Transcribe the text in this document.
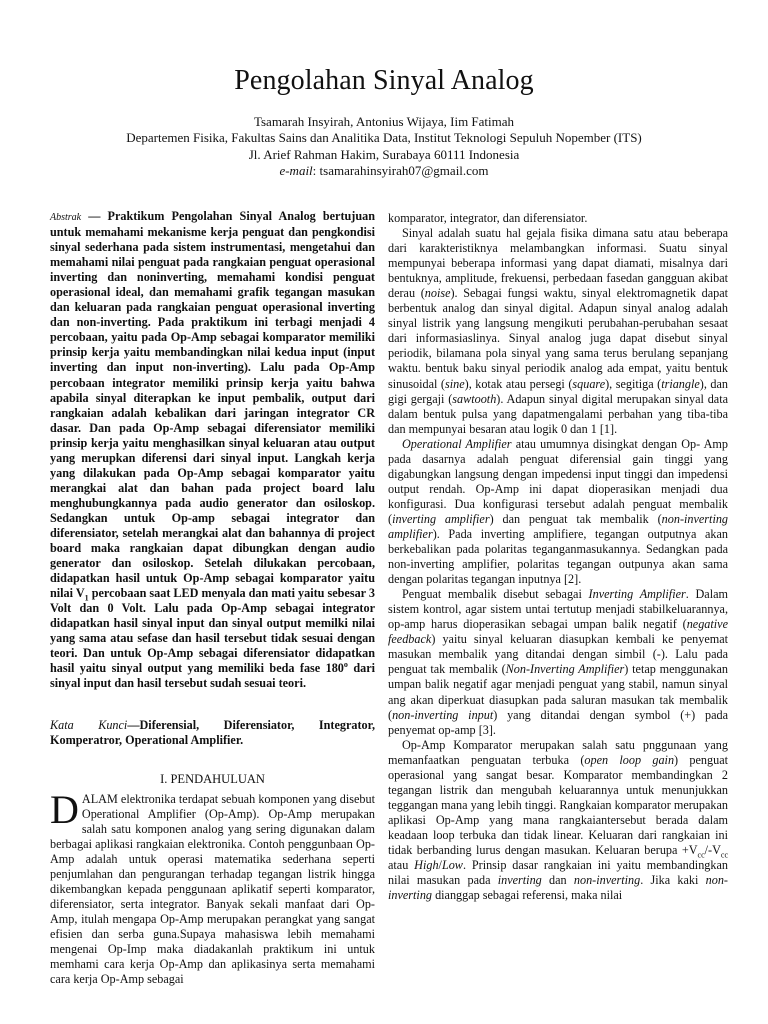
Pengolahan Sinyal Analog
Tsamarah Insyirah, Antonius Wijaya, Iim Fatimah
Departemen Fisika, Fakultas Sains dan Analitika Data, Institut Teknologi Sepuluh Nopember (ITS)
Jl. Arief Rahman Hakim, Surabaya 60111 Indonesia
e-mail: tsamarahinsyirah07@gmail.com

Abstrak — Praktikum Pengolahan Sinyal Analog bertujuan untuk memahami mekanisme kerja penguat dan pengkondisi sinyal sederhana pada sistem instrumentasi, mengetahui dan memahami nilai penguat pada rangkaian penguat operasional inverting dan noninverting, memahami kondisi penguat operasional ideal, dan memahami grafik tegangan masukan dan keluaran pada rangkaian penguat operasional inverting dan non-inverting. Pada praktikum ini terbagi menjadi 4 percobaan, yaitu pada Op-Amp sebagai komparator memiliki prinsip kerja yaitu membandingkan nilai kedua input (input inverting dan input non-inverting). Lalu pada Op-Amp percobaan integrator memiliki prinsip kerja yaitu bahwa apabila sinyal diterapkan ke input pembalik, output dari rangkaian adalah kebalikan dari jaringan integrator CR dasar. Dan pada Op-Amp sebagai diferensiator memiliki prinsip kerja yaitu menghasilkan sinyal keluaran atau output yang merupkan diferensi dari sinyal input. Langkah kerja yang dilakukan pada Op-Amp sebagai komparator yaitu merangkai alat dan bahan pada project board lalu menghubungkannya pada audio generator dan osiloskop. Sedangkan untuk Op-amp sebagai integrator dan diferensiator, setelah merangkai alat dan bahannya di project board maka rangkaian dapat dibungkan dengan audio generator dan osiloskop. Setelah dilukakan percobaan, didapatkan hasil untuk Op-Amp sebagai komparator yaitu nilai $V_1$ percobaan saat LED menyala dan mati yaitu sebesar 3 Volt dan 0 Volt. Lalu pada Op-Amp sebagai integrator didapatkan hasil sinyal input dan sinyal output memilki nilai yang sama atau sefase dan hasil tersebut tidak sesuai dengan teori. Dan untuk Op-Amp sebagai diferensiator didapatkan hasil yaitu sinyal output yang memiliki beda fase 180$^o$ dari sinyal input dan hasil tersebut sudah sesuai teori.

Kata Kunci—Diferensial, Diferensiator, Integrator, Komperatror, Operational Amplifier.

I. PENDAHULUAN

DALAM elektronika terdapat sebuah komponen yang disebut Operational Amplifier (Op-Amp). Op-Amp merupakan salah satu komponen analog yang sering digunakan dalam berbagai aplikasi rangkaian elektronika. Contoh penggunbaan Op-Amp adalah untuk operasi matematika sederhana seperti penjumlahan dan pengurangan terhadap tegangan listrik hingga dikembangkan kepada penggunaan aplikatif seperti komparator, diferensiator, serta integrator. Banyak sekali manfaat dari Op-Amp, itulah mengapa Op-Amp merupakan perangkat yang sangat efisien dan serba guna.Supaya mahasiswa lebih memahami mengenai Op-Imp maka diadakanlah praktikum ini untuk memhami cara kerja Op-Amp dan aplikasinya serta memahami cara kerja Op-Amp sebagai

komparator, integrator, dan diferensiator.

Sinyal adalah suatu hal gejala fisika dimana satu atau beberapa dari karakteristiknya melambangkan informasi. Suatu sinyal mempunyai beberapa informasi yang dapat diamati, misalnya dari bentuknya, amplitude, frekuensi, perbedaan fasedan gangguan akibat derau (noise). Sebagai fungsi waktu, sinyal elektromagnetik dapat berbentuk analog dan sinyal digital. Adapun sinyal analog adalah sinyal listrik yang langsung mengikuti perubahan-perubahan sesaat dari informasiaslinya. Sinyal analog juga dapat disebut sinyal periodik, bilamana pola sinyal yang sama terus berulang sepanjang waktu. bentuk baku sinyal periodik analog ada empat, yaitu bentuk sinusoidal (sine), kotak atau persegi (square), segitiga (triangle), dan gigi gergaji (sawtooth). Adapun sinyal digital merupakan sinyal data dalam bentuk pulsa yang dapatmengalami perbahan yang tiba-tiba dan mempunyai besaran atau logik 0 dan 1 [1].

Operational Amplifier atau umumnya disingkat dengan Op- Amp pada dasarnya adalah penguat diferensial gain tinggi yang digabungkan langsung dengan impedensi input tinggi dan impedensi output rendah. Op-Amp ini dapat dioperasikan menjadi dua konfigurasi. Dua konfigurasi tersebut adalah penguat membalik (inverting amplifier) dan penguat tak membalik (non-inverting amplifier). Pada inverting amplifiere, tegangan outputnya akan berkebalikan pada polaritas teganganmasukannya. Sedangkan pada non-inverting amplifier, polaritas tegangan outpunya akan sama dengan polaritas tegangan inputnya [2].

Penguat membalik disebut sebagai Inverting Amplifier. Dalam sistem kontrol, agar sistem untai tertutup menjadi stabilkeluarannya, op-amp harus dioperasikan sebagai umpan balik negatif (negative feedback) yaitu sinyal keluaran diasupkan kembali ke penyemat masukan membalik yang ditandai dengan simbil (-). Lalu pada penguat tak membalik (Non-Inverting Amplifier) tetap menggunakan umpan balik negatif agar menjadi penguat yang stabil, namun sinyal ang akan diperkuat diasupkan pada saluran masukan tak membalik (non-inverting input) yang ditandai dengan symbol (+) pada penyemat op-amp [3].

Op-Amp Komparator merupakan salah satu pnggunaan yang memanfaatkan penguatan terbuka (open loop gain) penguat operasional yang sangat besar. Komparator membandingkan 2 tegangan listrik dan mengubah keluarannya untuk menunjukkan teggangan mana yang lebih tinggi. Rangkaian komparator merupakan aplikasi Op-Amp yang mana rangkaiantersebut berada dalam keadaan loop terbuka dan tidak linear. Keluaran dari rangkaian ini tidak berbanding lurus dengan masukan. Keluaran berupa $+V_{cc}/-V_{cc}$ atau High/Low. Prinsip dasar rangkaian ini yaitu membandingkan nilai masukan pada inverting dan non-inverting. Jika kaki non-inverting dianggap sebagai referensi, maka nilai
